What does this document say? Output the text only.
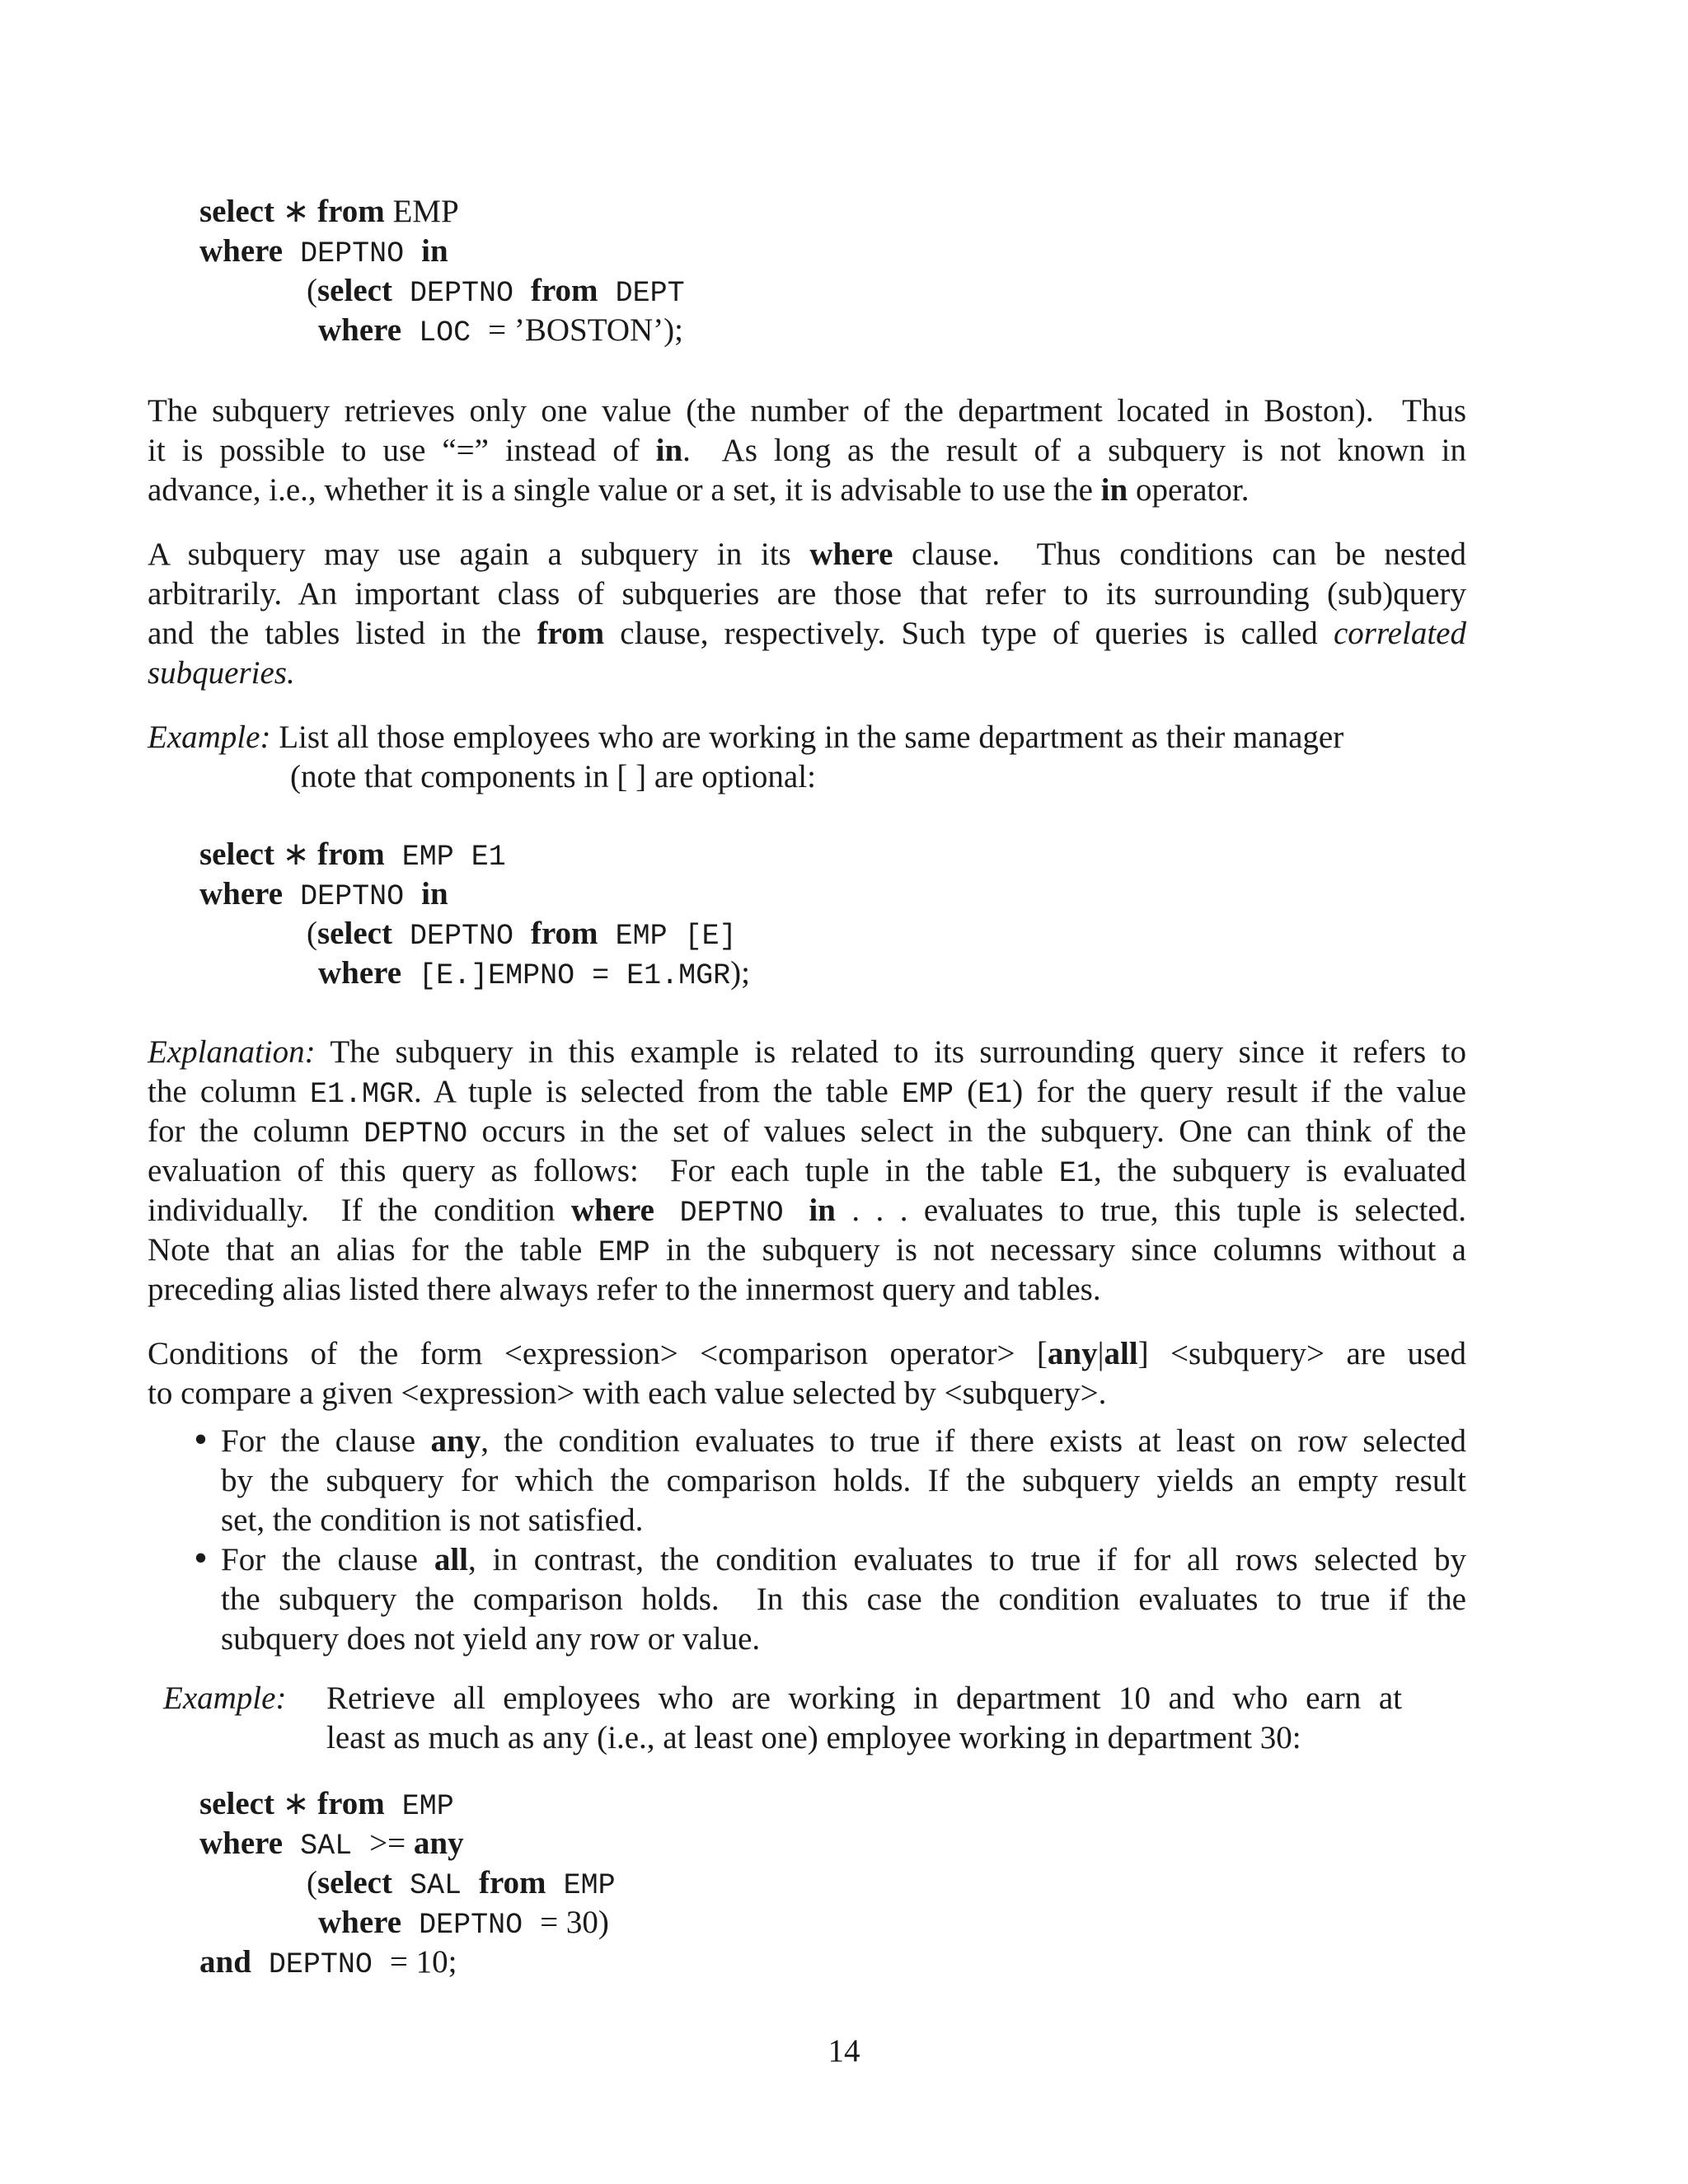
select ∗ from EMP
where DEPTNO in
(select DEPTNO from DEPT
where LOC = ’BOSTON’);
The subquery retrieves only one value (the number of the department located in Boston).  Thus
it is possible to use “=” instead of in.  As long as the result of a subquery is not known in
advance, i.e., whether it is a single value or a set, it is advisable to use the in operator.
A subquery may use again a subquery in its where clause.  Thus conditions can be nested
arbitrarily. An important class of subqueries are those that refer to its surrounding (sub)query
and the tables listed in the from clause, respectively. Such type of queries is called correlated
subqueries.
Example: List all those employees who are working in the same department as their manager
(note that components in [ ] are optional:
select ∗ from EMP E1
where DEPTNO in
(select DEPTNO from EMP [E]
where [E.]EMPNO = E1.MGR);
Explanation: The subquery in this example is related to its surrounding query since it refers to
the column E1.MGR. A tuple is selected from the table EMP (E1) for the query result if the value
for the column DEPTNO occurs in the set of values select in the subquery. One can think of the
evaluation of this query as follows:  For each tuple in the table E1, the subquery is evaluated
individually.  If the condition where DEPTNO in . . . evaluates to true, this tuple is selected.
Note that an alias for the table EMP in the subquery is not necessary since columns without a
preceding alias listed there always refer to the innermost query and tables.
Conditions of the form <expression> <comparison operator> [any|all] <subquery> are used
to compare a given <expression> with each value selected by <subquery>.
• For the clause any, the condition evaluates to true if there exists at least on row selected
by the subquery for which the comparison holds. If the subquery yields an empty result
set, the condition is not satisfied.
• For the clause all, in contrast, the condition evaluates to true if for all rows selected by
the subquery the comparison holds.  In this case the condition evaluates to true if the
subquery does not yield any row or value.
Example: Retrieve all employees who are working in department 10 and who earn at
least as much as any (i.e., at least one) employee working in department 30:
select ∗ from EMP
where SAL >= any
(select SAL from EMP
where DEPTNO = 30)
and DEPTNO = 10;
14
